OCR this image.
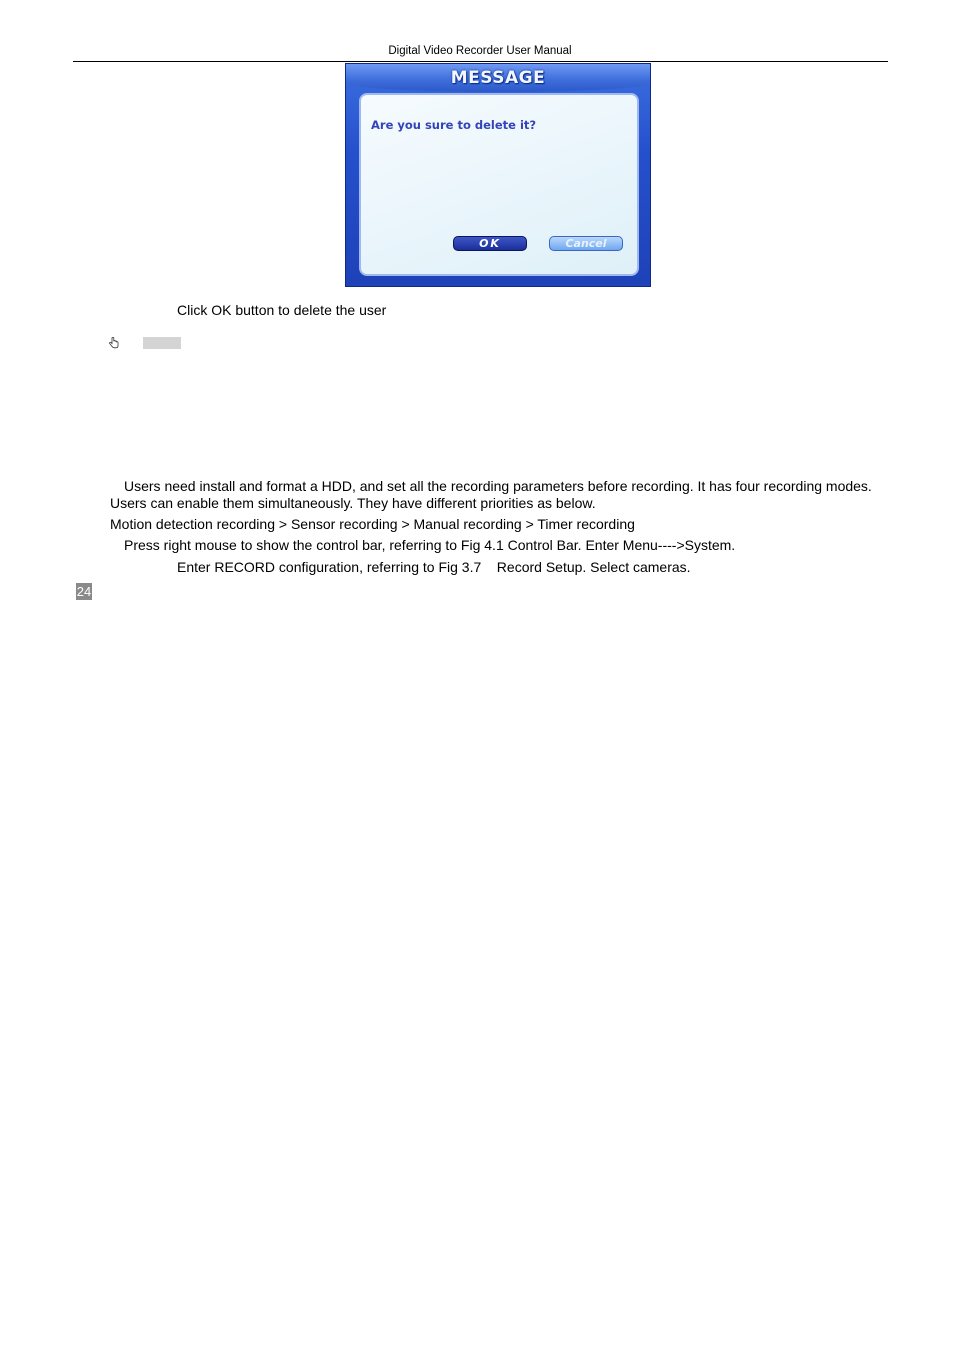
Digital Video Recorder User Manual
MESSAGE
Are you sure to delete it?
OK	Cancel
Click OK button to delete the user
Users need install and format a HDD, and set all the recording parameters before recording. It has four recording modes.
Users can enable them simultaneously. They have different priorities as below.
Motion detection recording > Sensor recording > Manual recording > Timer recording
Press right mouse to show the control bar, referring to Fig 4.1 Control Bar. Enter Menu---->System.
Enter RECORD configuration, referring to Fig 3.7    Record Setup. Select cameras.
24
